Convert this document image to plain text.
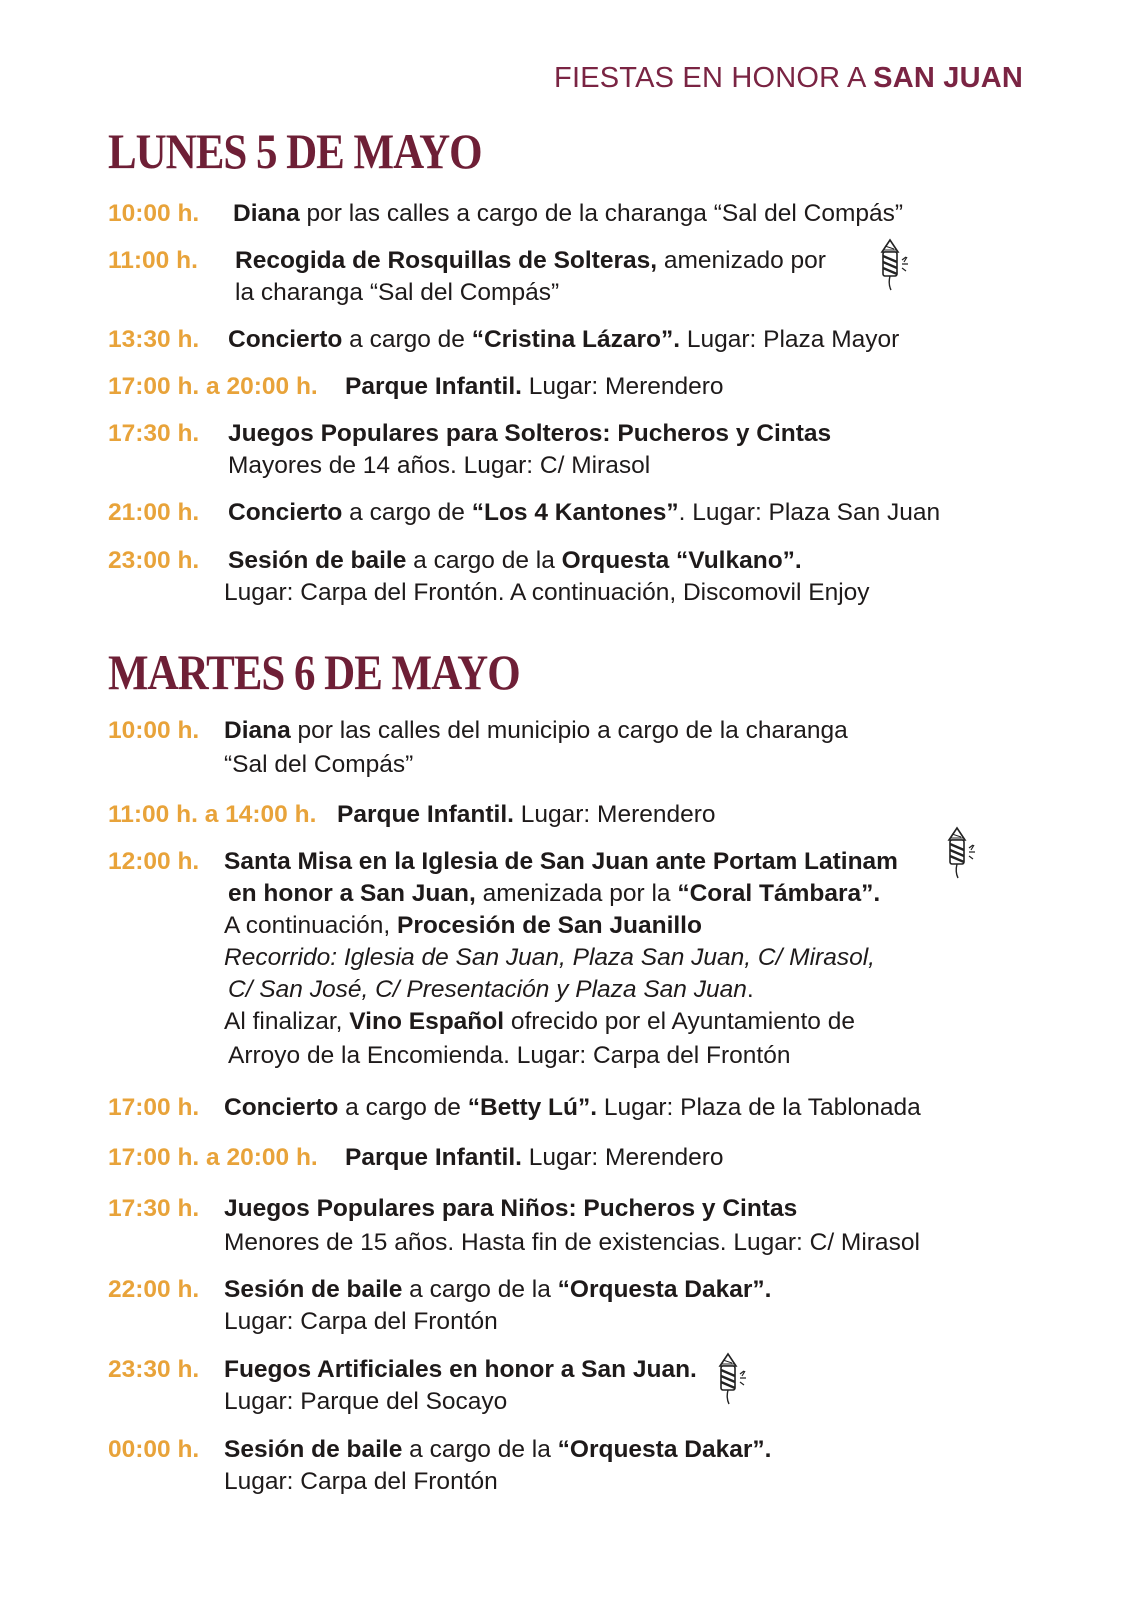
FIESTAS EN HONOR A SAN JUAN
LUNES 5 DE MAYO
10:00 h. Diana por las calles a cargo de la charanga “Sal del Compás”
11:00 h. Recogida de Rosquillas de Solteras, amenizado por
la charanga “Sal del Compás”
13:30 h. Concierto a cargo de “Cristina Lázaro”. Lugar: Plaza Mayor
17:00 h. a 20:00 h. Parque Infantil. Lugar: Merendero
17:30 h. Juegos Populares para Solteros: Pucheros y Cintas
Mayores de 14 años. Lugar: C/ Mirasol
21:00 h. Concierto a cargo de “Los 4 Kantones”. Lugar: Plaza San Juan
23:00 h. Sesión de baile a cargo de la Orquesta “Vulkano”.
Lugar: Carpa del Frontón. A continuación, Discomovil Enjoy
MARTES 6 DE MAYO
10:00 h. Diana por las calles del municipio a cargo de la charanga
“Sal del Compás”
11:00 h. a 14:00 h. Parque Infantil. Lugar: Merendero
12:00 h. Santa Misa en la Iglesia de San Juan ante Portam Latinam
en honor a San Juan, amenizada por la “Coral Támbara”.
A continuación, Procesión de San Juanillo
Recorrido: Iglesia de San Juan, Plaza San Juan, C/ Mirasol,
C/ San José, C/ Presentación y Plaza San Juan.
Al finalizar, Vino Español ofrecido por el Ayuntamiento de
Arroyo de la Encomienda. Lugar: Carpa del Frontón
17:00 h. Concierto a cargo de “Betty Lú”. Lugar: Plaza de la Tablonada
17:00 h. a 20:00 h. Parque Infantil. Lugar: Merendero
17:30 h. Juegos Populares para Niños: Pucheros y Cintas
Menores de 15 años. Hasta fin de existencias. Lugar: C/ Mirasol
22:00 h. Sesión de baile a cargo de la “Orquesta Dakar”.
Lugar: Carpa del Frontón
23:30 h. Fuegos Artificiales en honor a San Juan.
Lugar: Parque del Socayo
00:00 h. Sesión de baile a cargo de la “Orquesta Dakar”.
Lugar: Carpa del Frontón
